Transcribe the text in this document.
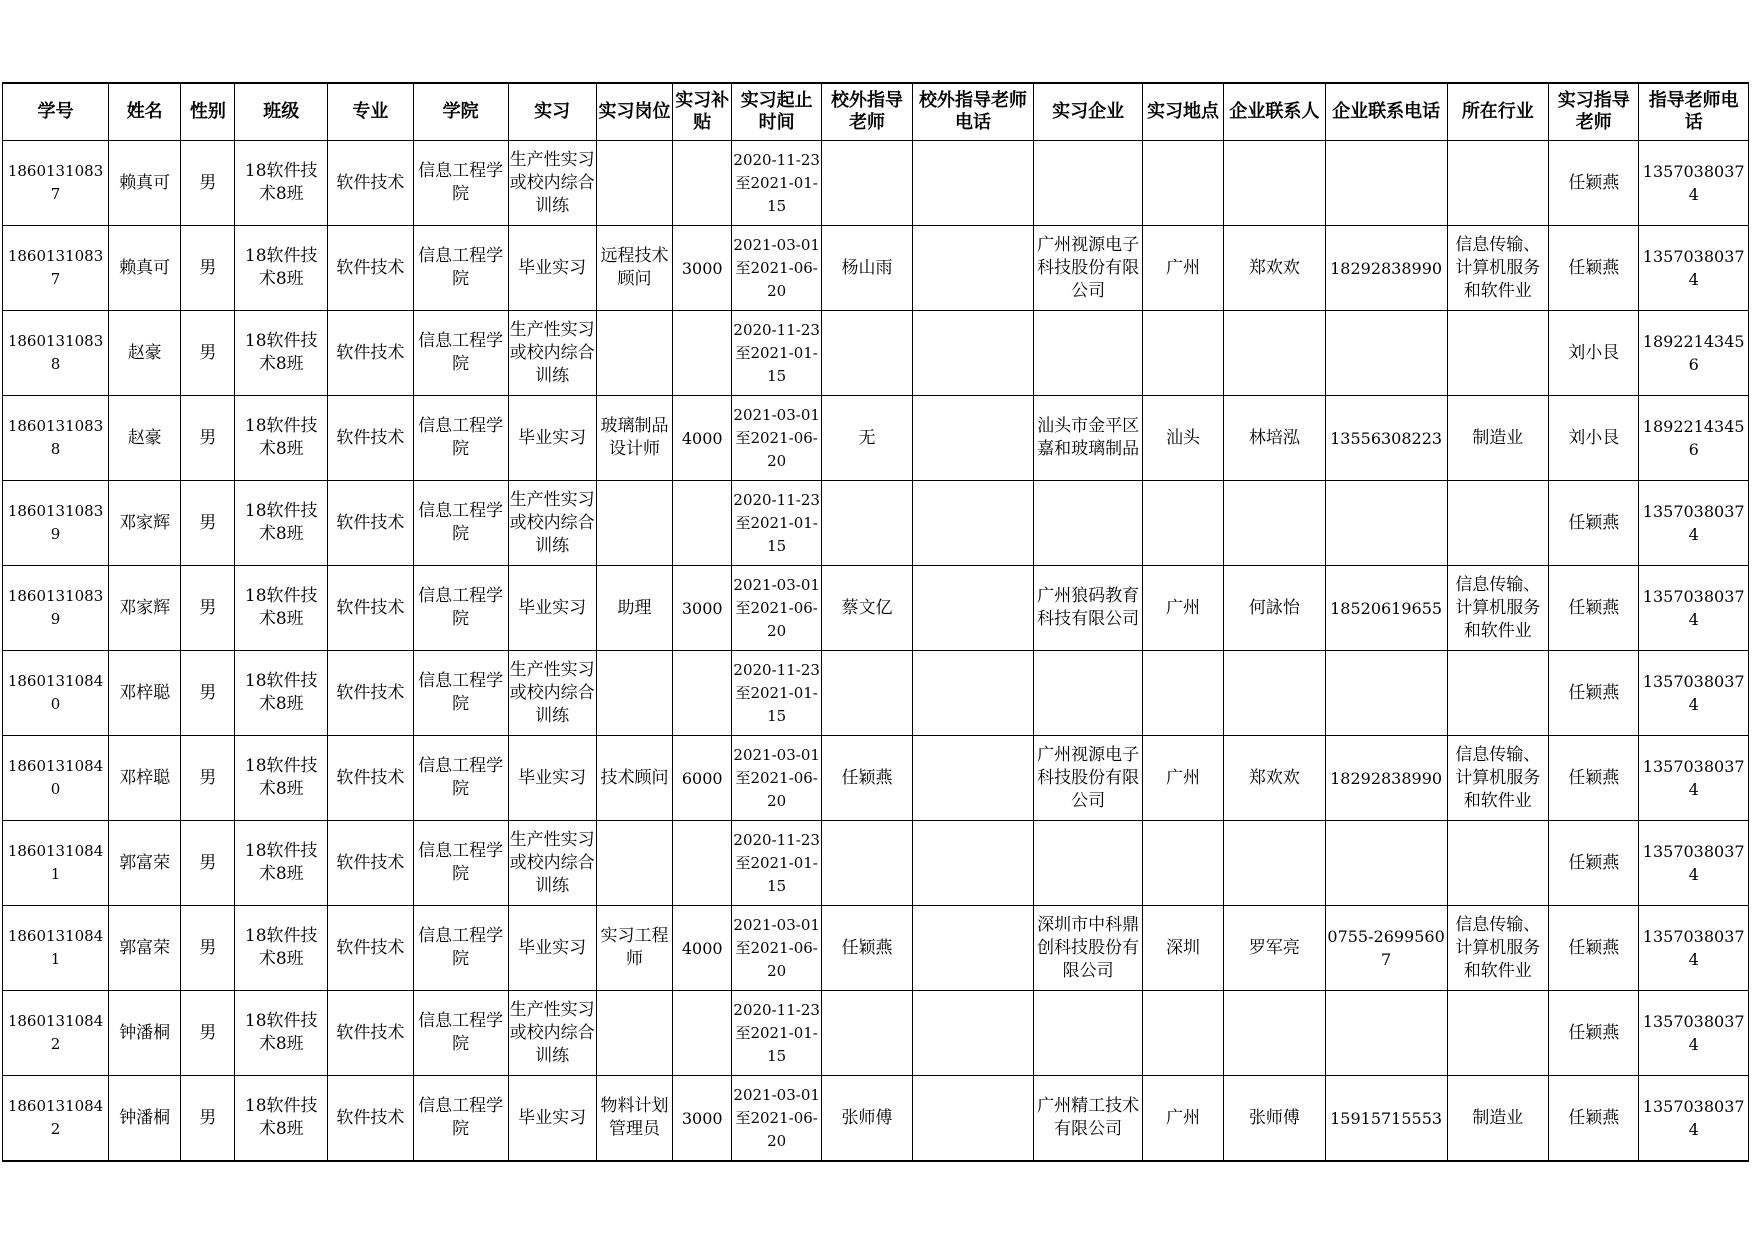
学号	姓名	性别	班级	专业	学院	实习	实习岗位	实习补贴	实习起止时间	校外指导老师	校外指导老师电话	实习企业	实习地点	企业联系人	企业联系电话	所在行业	实习指导老师	指导老师电话

18601310837	赖真可	男	18软件技术8班	软件技术	信息工程学院	生产性实习或校内综合训练			2020-11-23至2021-01-15								任颖燕	13570380374

18601310837	赖真可	男	18软件技术8班	软件技术	信息工程学院	毕业实习	远程技术顾问	3000	2021-03-01至2021-06-20	杨山雨		广州视源电子科技股份有限公司	广州	郑欢欢	18292838990	信息传输、计算机服务和软件业	任颖燕	13570380374

18601310838	赵豪	男	18软件技术8班	软件技术	信息工程学院	生产性实习或校内综合训练			2020-11-23至2021-01-15								刘小艮	18922143456

18601310838	赵豪	男	18软件技术8班	软件技术	信息工程学院	毕业实习	玻璃制品设计师	4000	2021-03-01至2021-06-20	无		汕头市金平区嘉和玻璃制品	汕头	林培泓	13556308223	制造业	刘小艮	18922143456

18601310839	邓家辉	男	18软件技术8班	软件技术	信息工程学院	生产性实习或校内综合训练			2020-11-23至2021-01-15								任颖燕	13570380374

18601310839	邓家辉	男	18软件技术8班	软件技术	信息工程学院	毕业实习	助理	3000	2021-03-01至2021-06-20	蔡文亿		广州狼码教育科技有限公司	广州	何詠怡	18520619655	信息传输、计算机服务和软件业	任颖燕	13570380374

18601310840	邓梓聪	男	18软件技术8班	软件技术	信息工程学院	生产性实习或校内综合训练			2020-11-23至2021-01-15								任颖燕	13570380374

18601310840	邓梓聪	男	18软件技术8班	软件技术	信息工程学院	毕业实习	技术顾问	6000	2021-03-01至2021-06-20	任颖燕		广州视源电子科技股份有限公司	广州	郑欢欢	18292838990	信息传输、计算机服务和软件业	任颖燕	13570380374

18601310841	郭富荣	男	18软件技术8班	软件技术	信息工程学院	生产性实习或校内综合训练			2020-11-23至2021-01-15								任颖燕	13570380374

18601310841	郭富荣	男	18软件技术8班	软件技术	信息工程学院	毕业实习	实习工程师	4000	2021-03-01至2021-06-20	任颖燕		深圳市中科鼎创科技股份有限公司	深圳	罗军亮	0755-26995607	信息传输、计算机服务和软件业	任颖燕	13570380374

18601310842	钟潘桐	男	18软件技术8班	软件技术	信息工程学院	生产性实习或校内综合训练			2020-11-23至2021-01-15								任颖燕	13570380374

18601310842	钟潘桐	男	18软件技术8班	软件技术	信息工程学院	毕业实习	物料计划管理员	3000	2021-03-01至2021-06-20	张师傅		广州精工技术有限公司	广州	张师傅	15915715553	制造业	任颖燕	13570380374
